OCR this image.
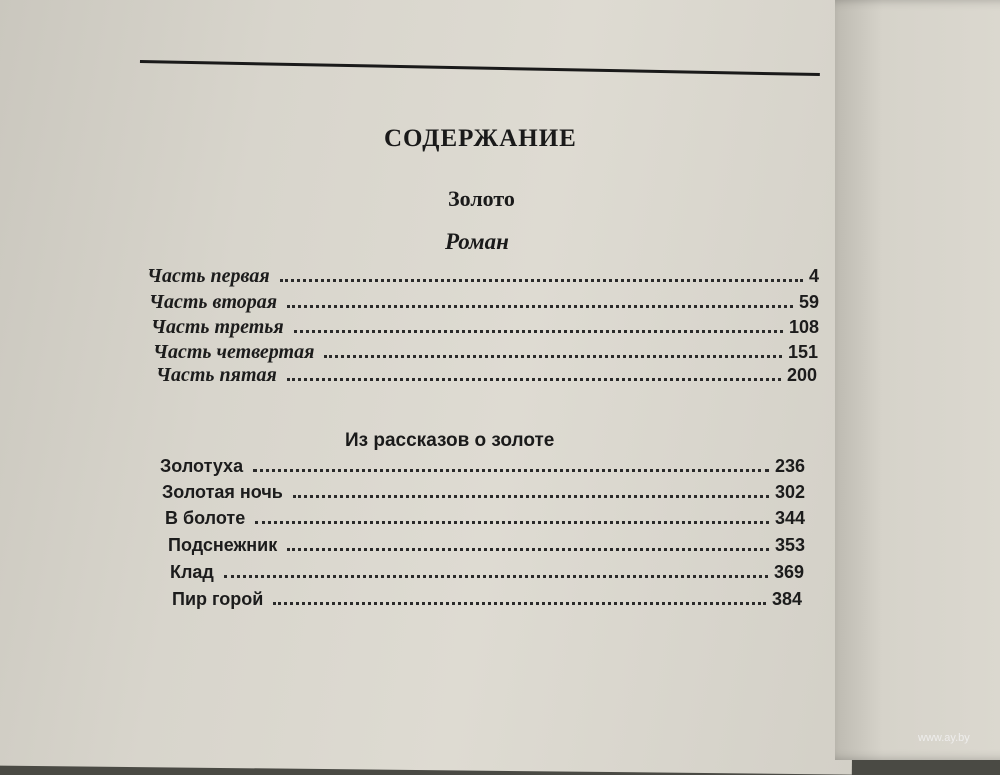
СОДЕРЖАНИЕ
Золото
Роман
Часть первая	4
Часть вторая	59
Часть третья	108
Часть четвертая	151
Часть пятая	200
Из рассказов о золоте
Золотуха	236
Золотая ночь	302
В болоте	344
Подснежник	353
Клад	369
Пир горой	384
www.ay.by
